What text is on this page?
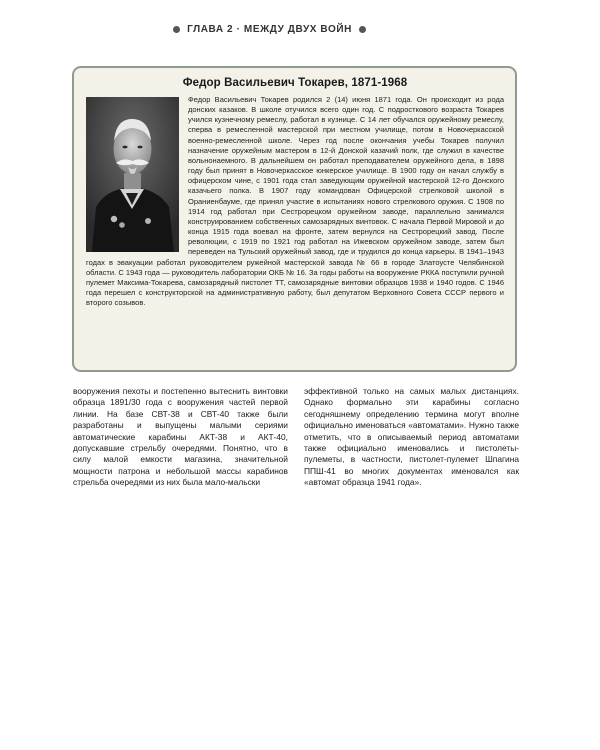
ГЛАВА 2 · МЕЖДУ ДВУХ ВОЙН
Федор Васильевич Токарев, 1871-1968

Федор Васильевич Токарев родился 2 (14) июня 1871 года. Он происходит из рода донских казаков. В школе отучился всего один год. С подросткового возраста Токарев учился кузнечному ремеслу, работал в кузнице. С 14 лет обучался оружейному ремеслу, сперва в ремесленной мастерской при местном училище, потом в Новочеркасской военно-ремесленной школе. Через год после окончания учебы Токарев получил назначение оружейным мастером в 12-й Донской казачий полк, где служил в качестве вольнонаемного. В дальнейшем он работал преподавателем оружейного дела, в 1898 году был принят в Новочеркасское юнкерское училище. В 1900 году он начал службу в офицерском чине, с 1901 года стал заведующим оружейной мастерской 12-го Донского казачьего полка. В 1907 году командован Офицерской стрелковой школой в Ораниенбауме, где принял участие в испытаниях нового стрелкового оружия. С 1908 по 1914 год работал при Сестрорецком оружейном заводе, параллельно занимался конструированием собственных самозарядных винтовок. С начала Первой Мировой и до конца 1915 года воевал на фронте, затем вернулся на Сестрорецкий завод. После революции, с 1919 по 1921 год работал на Ижевском оружейном заводе, затем был переведен на Тульский оружейный завод, где и трудился до конца карьеры. В 1941–1943 годах в эвакуации работал руководителем ружейной мастерской завода № 66 в городе Златоусте Челябинской области. С 1943 года — руководитель лаборатории ОКБ № 16. За годы работы на вооружение РККА поступили ручной пулемет Максима-Токарева, самозарядный пистолет ТТ, самозарядные винтовки образцов 1938 и 1940 годов. С 1946 года перешел с конструкторской на административную работу, был депутатом Верховного Совета СССР первого и второго созывов.

вооружения пехоты и постепенно вытеснить винтовки образца 1891/30 года с вооружения частей первой линии. На базе СВТ-38 и СВТ-40 также были разработаны и выпущены малыми сериями автоматические карабины АКТ-38 и АКТ-40, допускавшие стрельбу очередями. Понятно, что в силу малой емкости магазина, значительной мощности патрона и небольшой массы карабинов стрельба очередями из них была мало-мальски

эффективной только на самых малых дистанциях. Однако формально эти карабины согласно сегодняшнему определению термина могут вполне официально именоваться «автоматами». Нужно также отметить, что в описываемый период автоматами также официально именовались и пистолеты-пулеметы, в частности, пистолет-пулемет Шпагина ППШ-41 во многих документах именовался как «автомат образца 1941 года».
